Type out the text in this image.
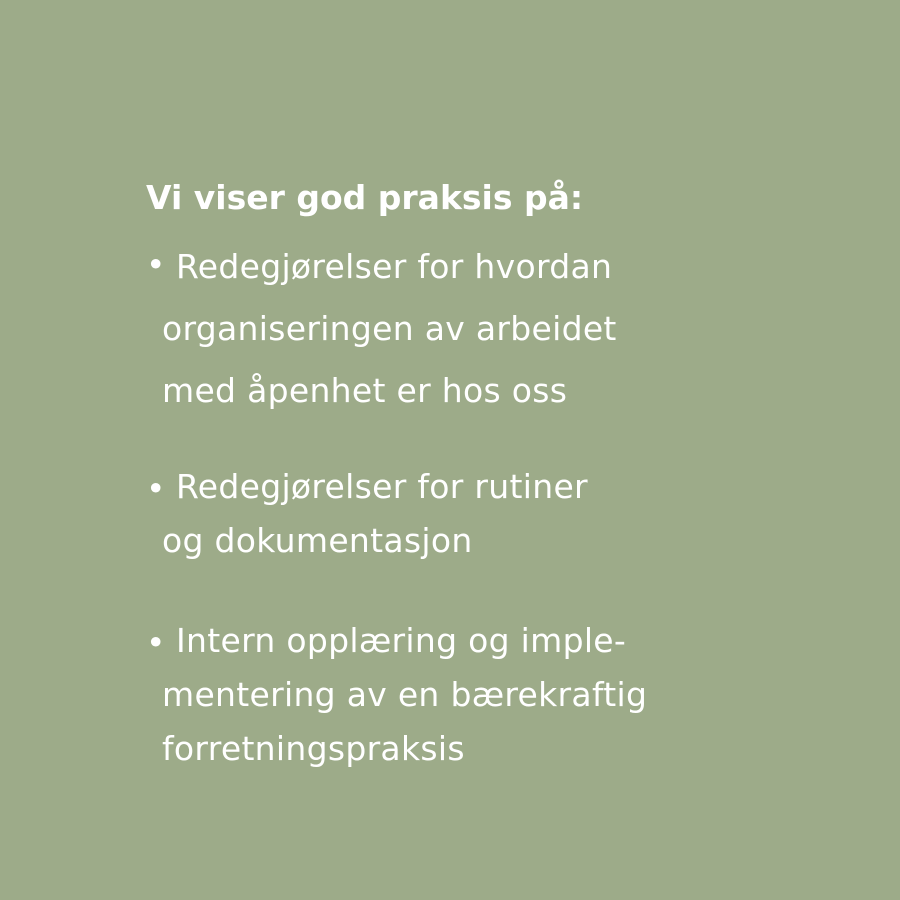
Vi viser god praksis på:
• Redegjørelser for hvordan
organiseringen av arbeidet
med åpenhet er hos oss
• Redegjørelser for rutiner
og dokumentasjon
• Intern opplæring og imple-
mentering av en bærekraftig
forretningspraksis
